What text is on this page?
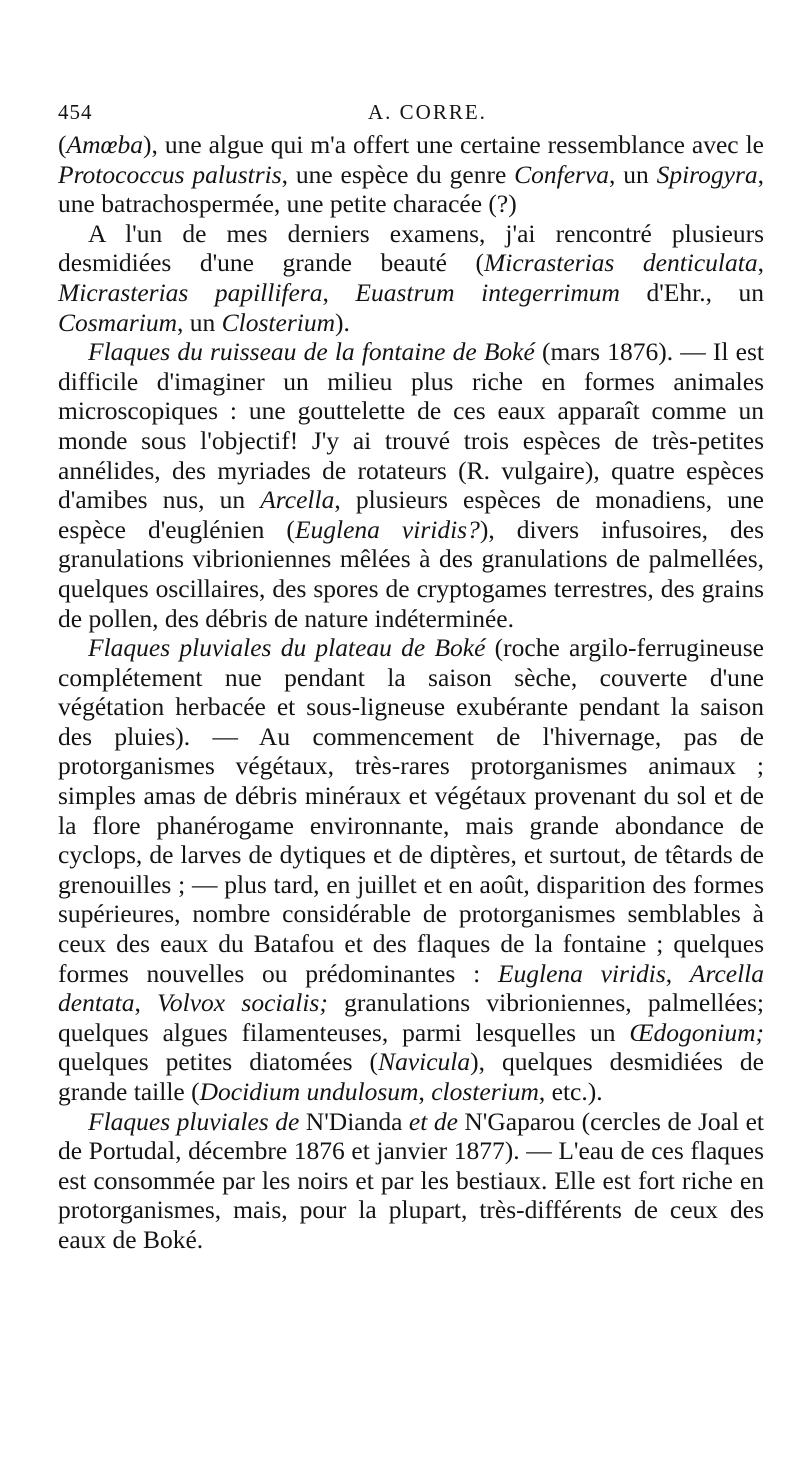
454	A. CORRE.

(Amœba), une algue qui m'a offert une certaine ressemblance avec le Protococcus palustris, une espèce du genre Conferva, un Spirogyra, une batrachospermée, une petite characée (?)

A l'un de mes derniers examens, j'ai rencontré plusieurs desmidiées d'une grande beauté (Micrasterias denticulata, Micrasterias papillifera, Euastrum integerrimum d'Ehr., un Cosmarium, un Closterium).

Flaques du ruisseau de la fontaine de Boké (mars 1876). — Il est difficile d'imaginer un milieu plus riche en formes animales microscopiques : une gouttelette de ces eaux apparaît comme un monde sous l'objectif! J'y ai trouvé trois espèces de très-petites annélides, des myriades de rotateurs (R. vulgaire), quatre espèces d'amibes nus, un Arcella, plusieurs espèces de monadiens, une espèce d'euglénien (Euglena viridis?), divers infusoires, des granulations vibrioniennes mêlées à des granulations de palmellées, quelques oscillaires, des spores de cryptogames terrestres, des grains de pollen, des débris de nature indéterminée.

Flaques pluviales du plateau de Boké (roche argilo-ferrugineuse complétement nue pendant la saison sèche, couverte d'une végétation herbacée et sous-ligneuse exubérante pendant la saison des pluies). — Au commencement de l'hivernage, pas de protorganismes végétaux, très-rares protorganismes animaux ; simples amas de débris minéraux et végétaux provenant du sol et de la flore phanérogame environnante, mais grande abondance de cyclops, de larves de dytiques et de diptères, et surtout, de têtards de grenouilles ; — plus tard, en juillet et en août, disparition des formes supérieures, nombre considérable de protorganismes semblables à ceux des eaux du Batafou et des flaques de la fontaine ; quelques formes nouvelles ou prédominantes : Euglena viridis, Arcella dentata, Volvox socialis; granulations vibrioniennes, palmellées; quelques algues filamenteuses, parmi lesquelles un Œdogonium; quelques petites diatomées (Navicula), quelques desmidiées de grande taille (Docidium undulosum, closterium, etc.).

Flaques pluviales de N'Dianda et de N'Gaparou (cercles de Joal et de Portudal, décembre 1876 et janvier 1877). — L'eau de ces flaques est consommée par les noirs et par les bestiaux. Elle est fort riche en protorganismes, mais, pour la plupart, très-différents de ceux des eaux de Boké.
